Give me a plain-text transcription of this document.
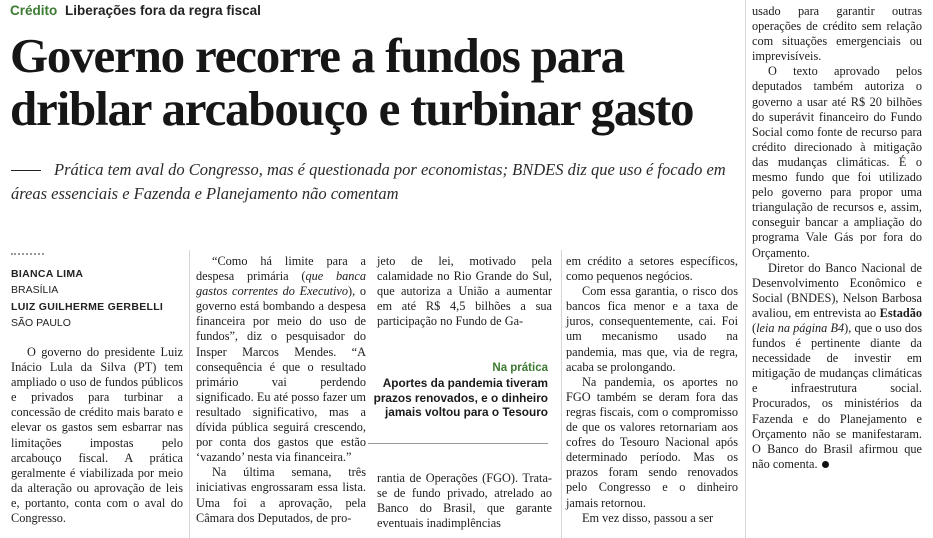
Crédito Liberações fora da regra fiscal
Governo recorre a fundos para driblar arcabouço e turbinar gasto
Prática tem aval do Congresso, mas é questionada por economistas; BNDES diz que uso é focado em áreas essenciais e Fazenda e Planejamento não comentam
BIANCA LIMA
BRASÍLIA
LUIZ GUILHERME GERBELLI
SÃO PAULO

O governo do presidente Luiz Inácio Lula da Silva (PT) tem ampliado o uso de fundos públicos e privados para turbinar a concessão de crédito mais barato e elevar os gastos sem esbarrar nas limitações impostas pelo arcabouço fiscal. A prática geralmente é viabilizada por meio da alteração ou aprovação de leis e, portanto, conta com o aval do Congresso.

“Como há limite para a despesa primária (que banca gastos correntes do Executivo), o governo está bombando a despesa financeira por meio do uso de fundos”, diz o pesquisador do Insper Marcos Mendes. “A consequência é que o resultado primário vai perdendo significado. Eu até posso fazer um resultado significativo, mas a dívida pública seguirá crescendo, por conta dos gastos que estão ‘vazando’ nesta via financeira.”

Na última semana, três iniciativas engrossaram essa lista. Uma foi a aprovação, pela Câmara dos Deputados, de pro-

jeto de lei, motivado pela calamidade no Rio Grande do Sul, que autoriza a União a aumentar em até R$ 4,5 bilhões a sua participação no Fundo de Ga-

Na prática
Aportes da pandemia tiveram prazos renovados, e o dinheiro jamais voltou para o Tesouro

rantia de Operações (FGO). Trata-se de fundo privado, atrelado ao Banco do Brasil, que garante eventuais inadimplências

em crédito a setores específicos, como pequenos negócios.

Com essa garantia, o risco dos bancos fica menor e a taxa de juros, consequentemente, cai. Foi um mecanismo usado na pandemia, mas que, via de regra, acaba se prolongando.

Na pandemia, os aportes no FGO também se deram fora das regras fiscais, com o compromisso de que os valores retornariam aos cofres do Tesouro Nacional após determinado período. Mas os prazos foram sendo renovados pelo Congresso e o dinheiro jamais retornou.

Em vez disso, passou a ser

usado para garantir outras operações de crédito sem relação com situações emergenciais ou imprevisíveis.

O texto aprovado pelos deputados também autoriza o governo a usar até R$ 20 bilhões do superávit financeiro do Fundo Social como fonte de recurso para crédito direcionado à mitigação das mudanças climáticas. É o mesmo fundo que foi utilizado pelo governo para propor uma triangulação de recursos e, assim, conseguir bancar a ampliação do programa Vale Gás por fora do Orçamento.

Diretor do Banco Nacional de Desenvolvimento Econômico e Social (BNDES), Nelson Barbosa avaliou, em entrevista ao Estadão (leia na página B4), que o uso dos fundos é pertinente diante da necessidade de investir em mitigação de mudanças climáticas e infraestrutura social. Procurados, os ministérios da Fazenda e do Planejamento e Orçamento não se manifestaram. O Banco do Brasil afirmou que não comenta.
